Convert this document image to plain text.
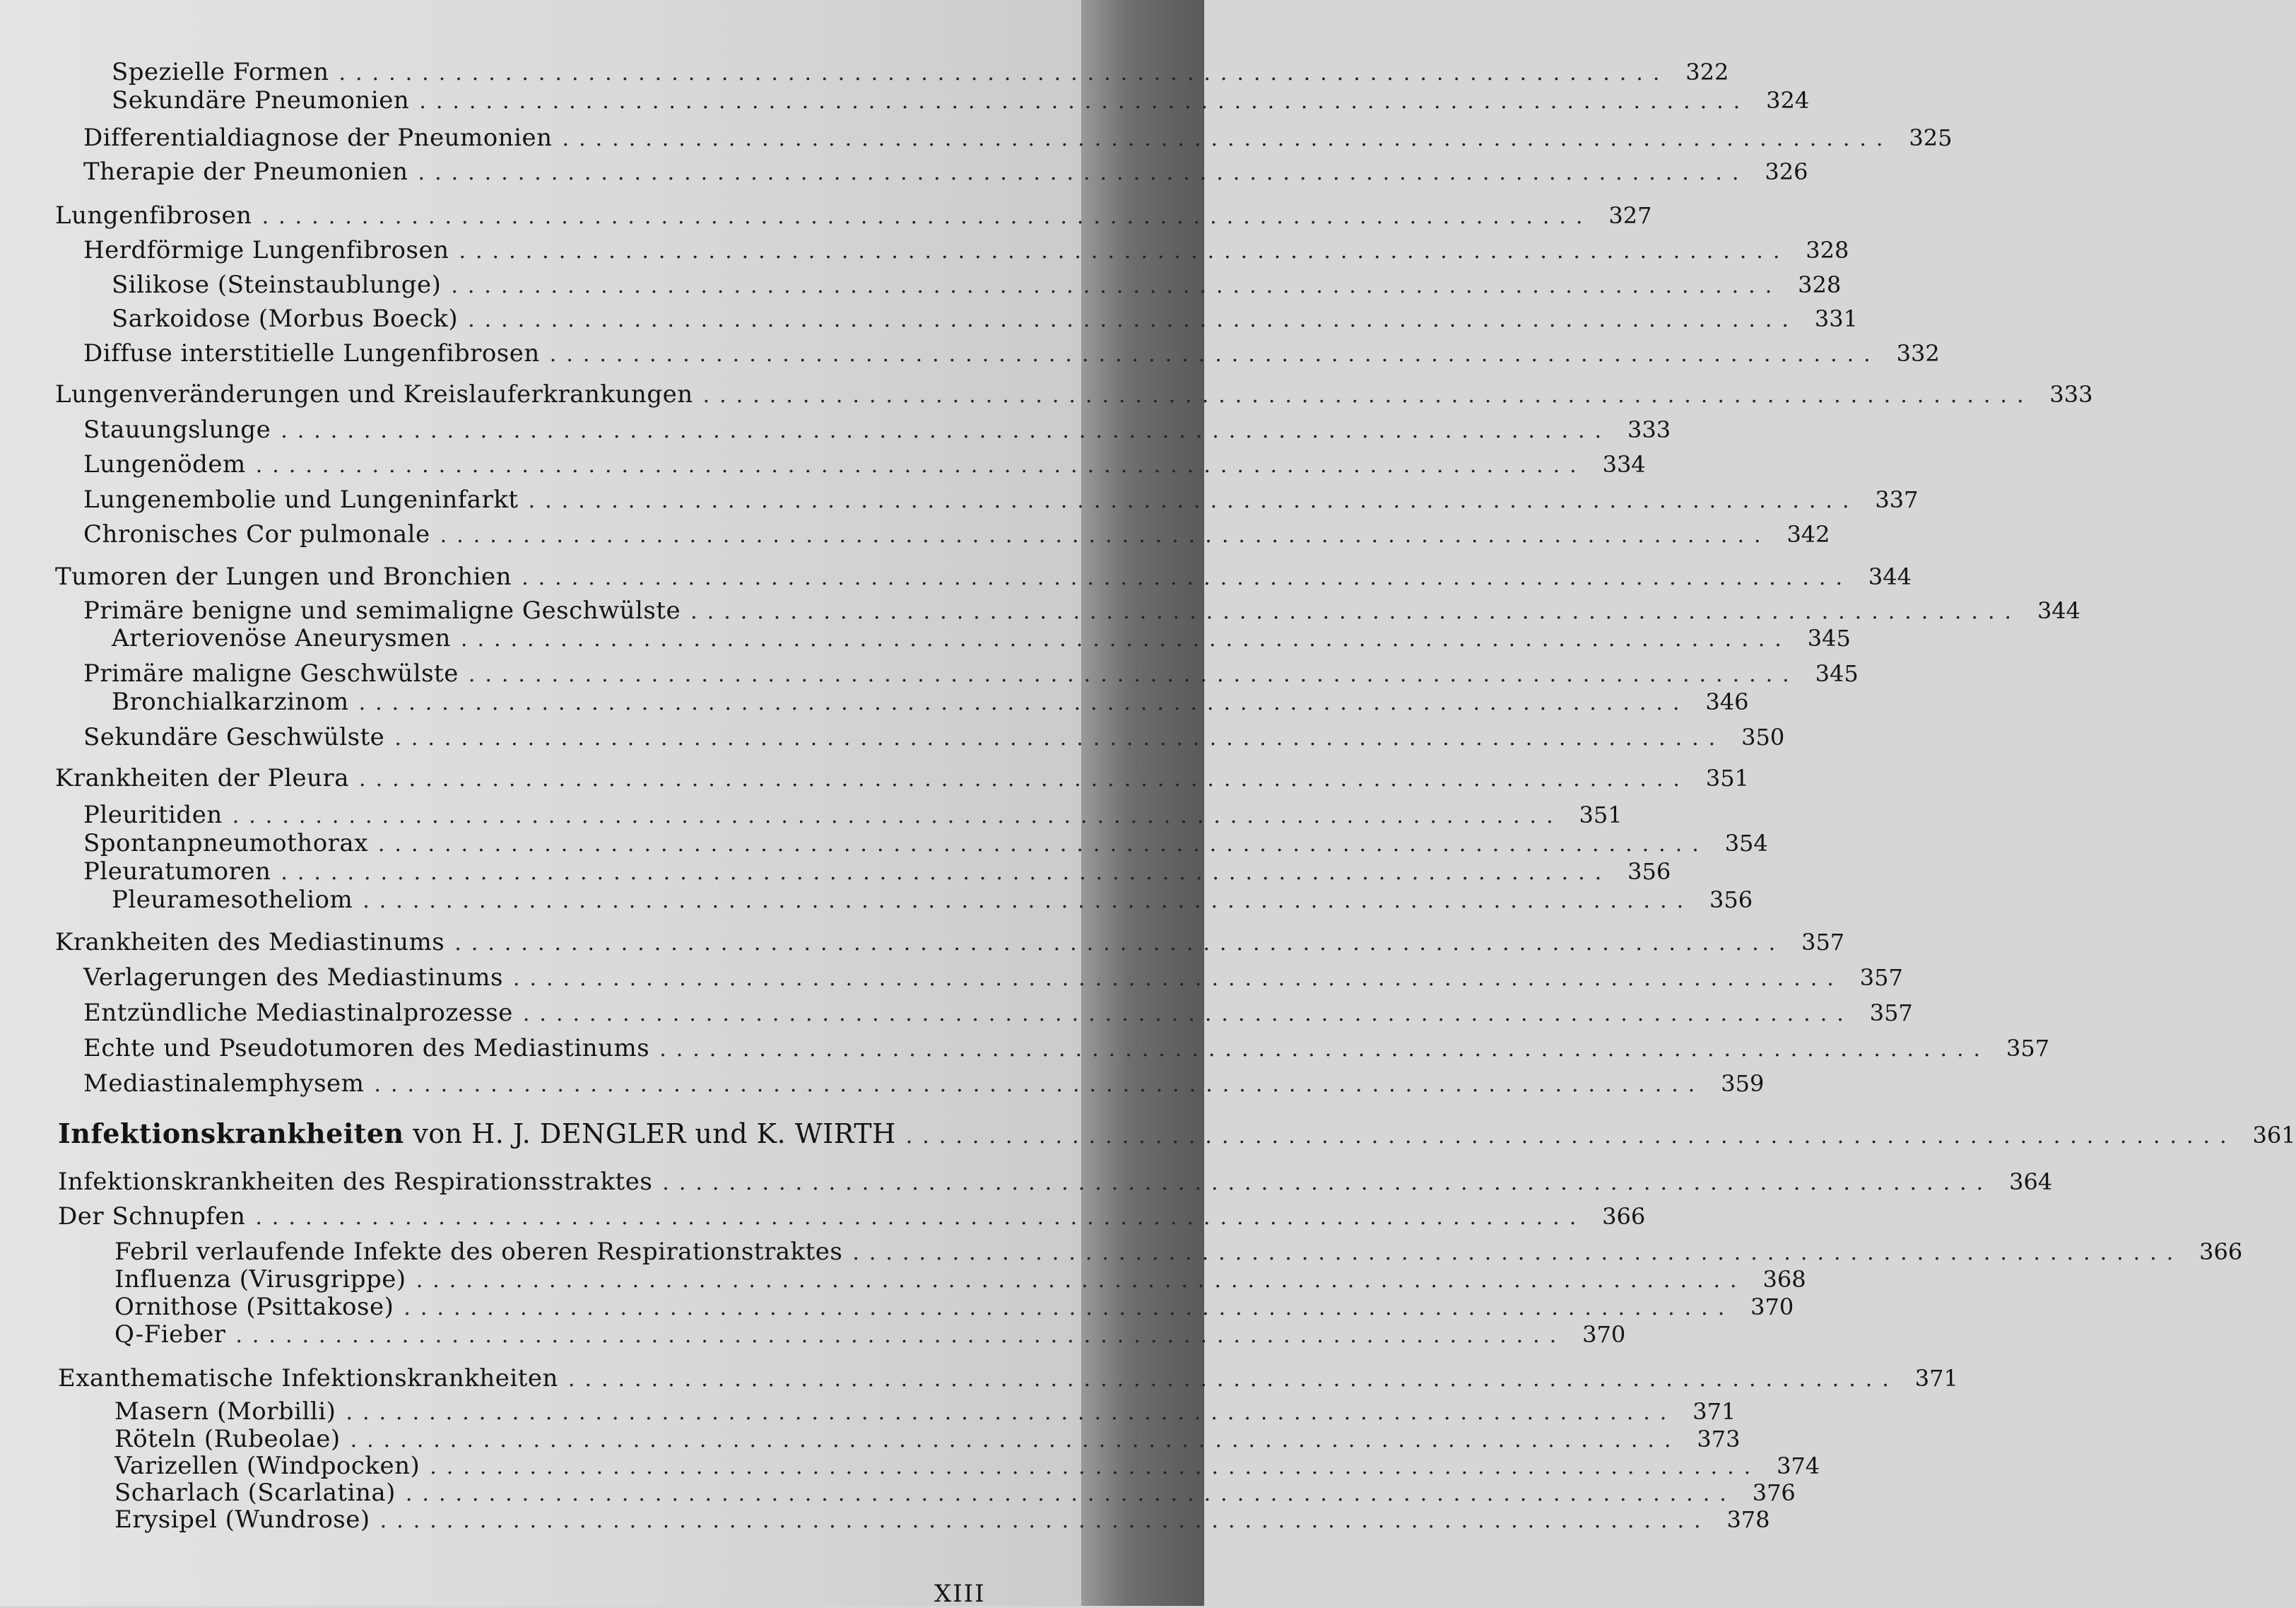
Spezielle Formen ................................................................................ 322
Sekundäre Pneumonien ................................................................................ 324
Differentialdiagnose der Pneumonien ................................................................................ 325
Therapie der Pneumonien ................................................................................ 326
Lungenfibrosen ................................................................................ 327
Herdförmige Lungenfibrosen ................................................................................ 328
Silikose (Steinstaublunge) ................................................................................ 328
Sarkoidose (Morbus Boeck) ................................................................................ 331
Diffuse interstitielle Lungenfibrosen ................................................................................ 332
Lungenveränderungen und Kreislauferkrankungen ................................................................................ 333
Stauungslunge ................................................................................ 333
Lungenödem ................................................................................ 334
Lungenembolie und Lungeninfarkt ................................................................................ 337
Chronisches Cor pulmonale ................................................................................ 342
Tumoren der Lungen und Bronchien ................................................................................ 344
Primäre benigne und semimaligne Geschwülste ................................................................................ 344
Arteriovenöse Aneurysmen ................................................................................ 345
Primäre maligne Geschwülste ................................................................................ 345
Bronchialkarzinom ................................................................................ 346
Sekundäre Geschwülste ................................................................................ 350
Krankheiten der Pleura ................................................................................ 351
Pleuritiden ................................................................................ 351
Spontanpneumothorax ................................................................................ 354
Pleuratumoren ................................................................................ 356
Pleuramesotheliom ................................................................................ 356
Krankheiten des Mediastinums ................................................................................ 357
Verlagerungen des Mediastinums ................................................................................ 357
Entzündliche Mediastinalprozesse ................................................................................ 357
Echte und Pseudotumoren des Mediastinums ................................................................................ 357
Mediastinalemphysem ................................................................................ 359
Infektionskrankheiten von H. J. DENGLER und K. WIRTH ................................................................................ 361
Infektionskrankheiten des Respirationsstraktes ................................................................................ 364
Der Schnupfen ................................................................................ 366
Febril verlaufende Infekte des oberen Respirationstraktes ................................................................................ 366
Influenza (Virusgrippe) ................................................................................ 368
Ornithose (Psittakose) ................................................................................ 370
Q-Fieber ................................................................................ 370
Exanthematische Infektionskrankheiten ................................................................................ 371
Masern (Morbilli) ................................................................................ 371
Röteln (Rubeolae) ................................................................................ 373
Varizellen (Windpocken) ................................................................................ 374
Scharlach (Scarlatina) ................................................................................ 376
Erysipel (Wundrose) ................................................................................ 378
XIII
